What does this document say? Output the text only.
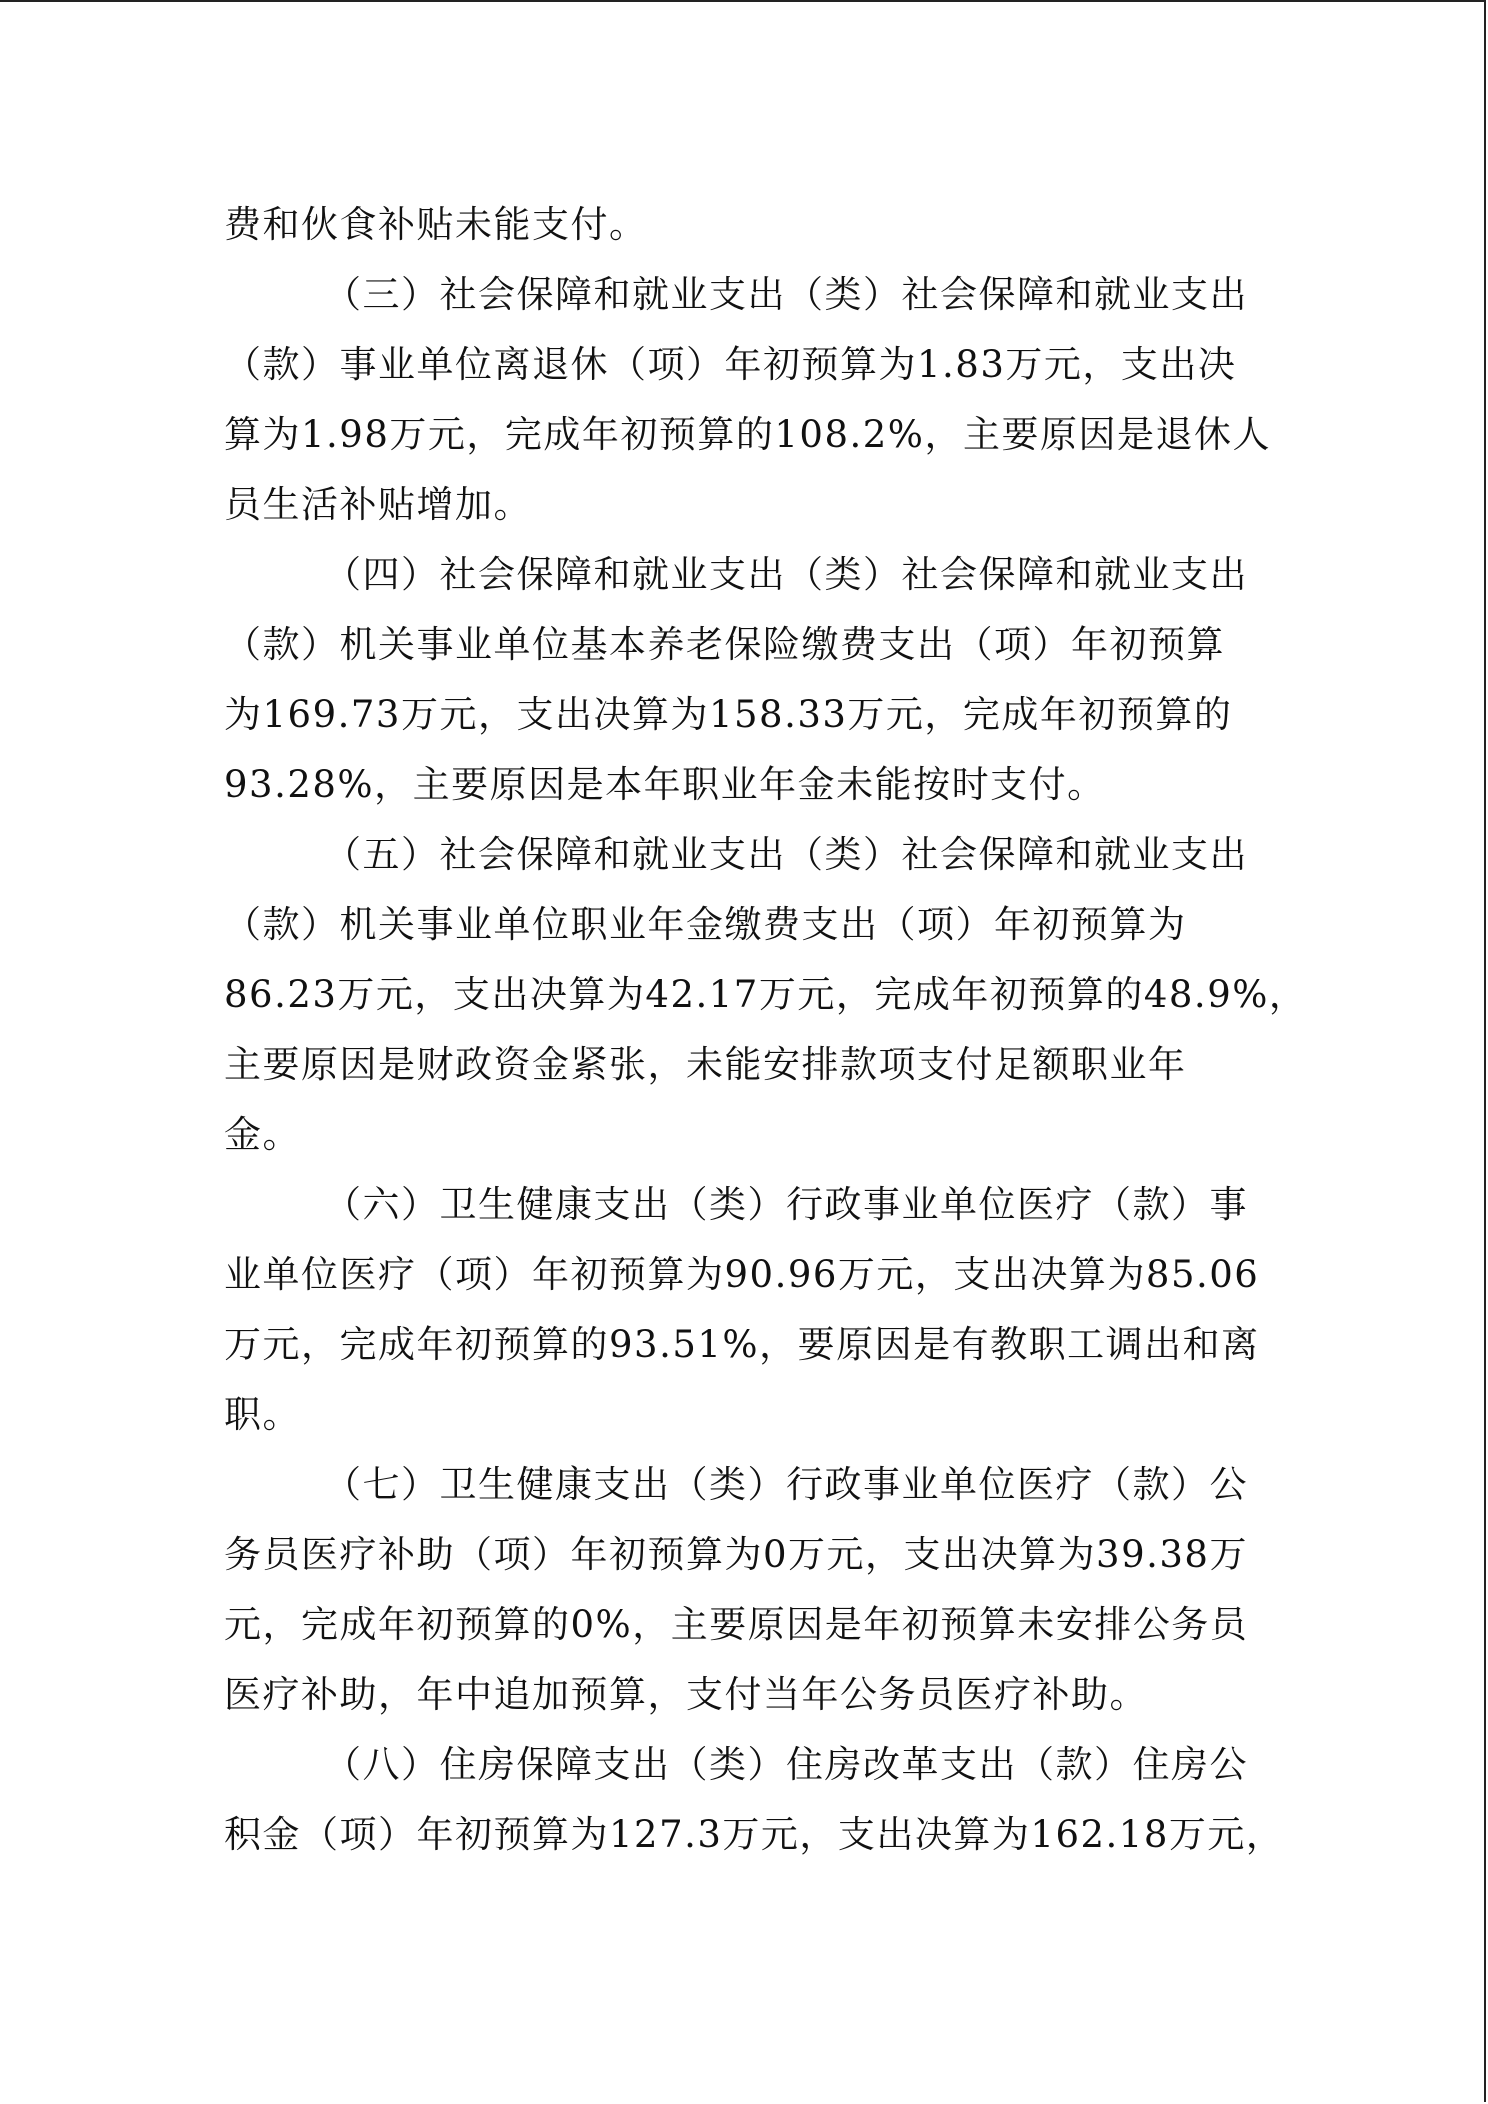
费和伙食补贴未能支付。
（三）社会保障和就业支出（类）社会保障和就业支出
（款）事业单位离退休（项）年初预算为1.83万元，支出决
算为1.98万元，完成年初预算的108.2%，主要原因是退休人
员生活补贴增加。
（四）社会保障和就业支出（类）社会保障和就业支出
（款）机关事业单位基本养老保险缴费支出（项）年初预算
为169.73万元，支出决算为158.33万元，完成年初预算的
93.28%，主要原因是本年职业年金未能按时支付。
（五）社会保障和就业支出（类）社会保障和就业支出
（款）机关事业单位职业年金缴费支出（项）年初预算为
86.23万元，支出决算为42.17万元，完成年初预算的48.9%，
主要原因是财政资金紧张，未能安排款项支付足额职业年
金。
（六）卫生健康支出（类）行政事业单位医疗（款）事
业单位医疗（项）年初预算为90.96万元，支出决算为85.06
万元，完成年初预算的93.51%，要原因是有教职工调出和离
职。
（七）卫生健康支出（类）行政事业单位医疗（款）公
务员医疗补助（项）年初预算为0万元，支出决算为39.38万
元，完成年初预算的0%，主要原因是年初预算未安排公务员
医疗补助，年中追加预算，支付当年公务员医疗补助。
（八）住房保障支出（类）住房改革支出（款）住房公
积金（项）年初预算为127.3万元，支出决算为162.18万元，
